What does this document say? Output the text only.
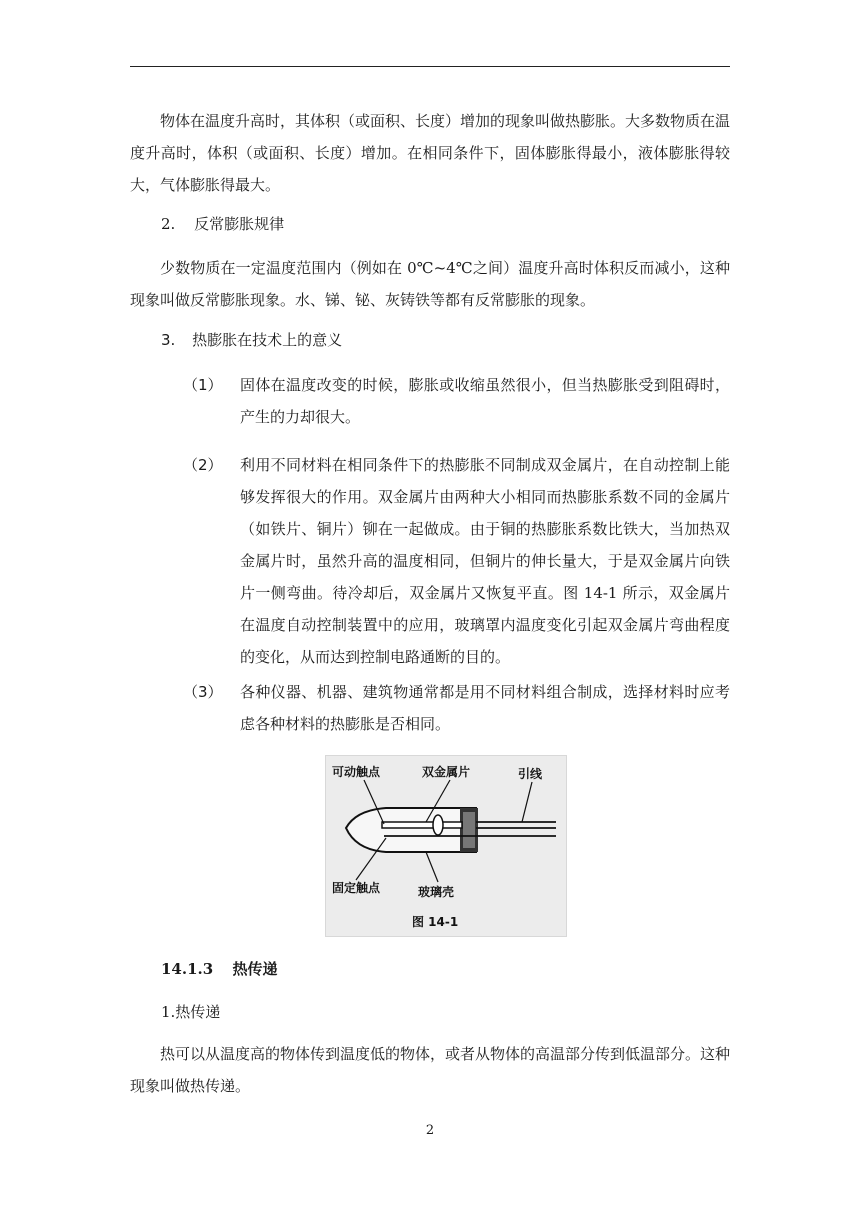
物体在温度升高时，其体积（或面积、长度）增加的现象叫做热膨胀。大多数物质在温度升高时，体积（或面积、长度）增加。在相同条件下，固体膨胀得最小，液体膨胀得较大，气体膨胀得最大。

2. 反常膨胀规律

少数物质在一定温度范围内（例如在 0℃~4℃之间）温度升高时体积反而减小，这种现象叫做反常膨胀现象。水、锑、铋、灰铸铁等都有反常膨胀的现象。

3. 热膨胀在技术上的意义
（1） 固体在温度改变的时候，膨胀或收缩虽然很小，但当热膨胀受到阻碍时，产生的力却很大。
（2） 利用不同材料在相同条件下的热膨胀不同制成双金属片，在自动控制上能够发挥很大的作用。双金属片由两种大小相同而热膨胀系数不同的金属片（如铁片、铜片）铆在一起做成。由于铜的热膨胀系数比铁大，当加热双金属片时，虽然升高的温度相同，但铜片的伸长量大，于是双金属片向铁片一侧弯曲。待冷却后，双金属片又恢复平直。图 14-1 所示，双金属片在温度自动控制装置中的应用，玻璃罩内温度变化引起双金属片弯曲程度的变化，从而达到控制电路通断的目的。
（3） 各种仪器、机器、建筑物通常都是用不同材料组合制成，选择材料时应考虑各种材料的热膨胀是否相同。
可动触点	双金属片	引线
固定触点	玻璃壳
图 14-1
14.1.3 热传递
1.热传递

热可以从温度高的物体传到温度低的物体，或者从物体的高温部分传到低温部分。这种现象叫做热传递。

2
